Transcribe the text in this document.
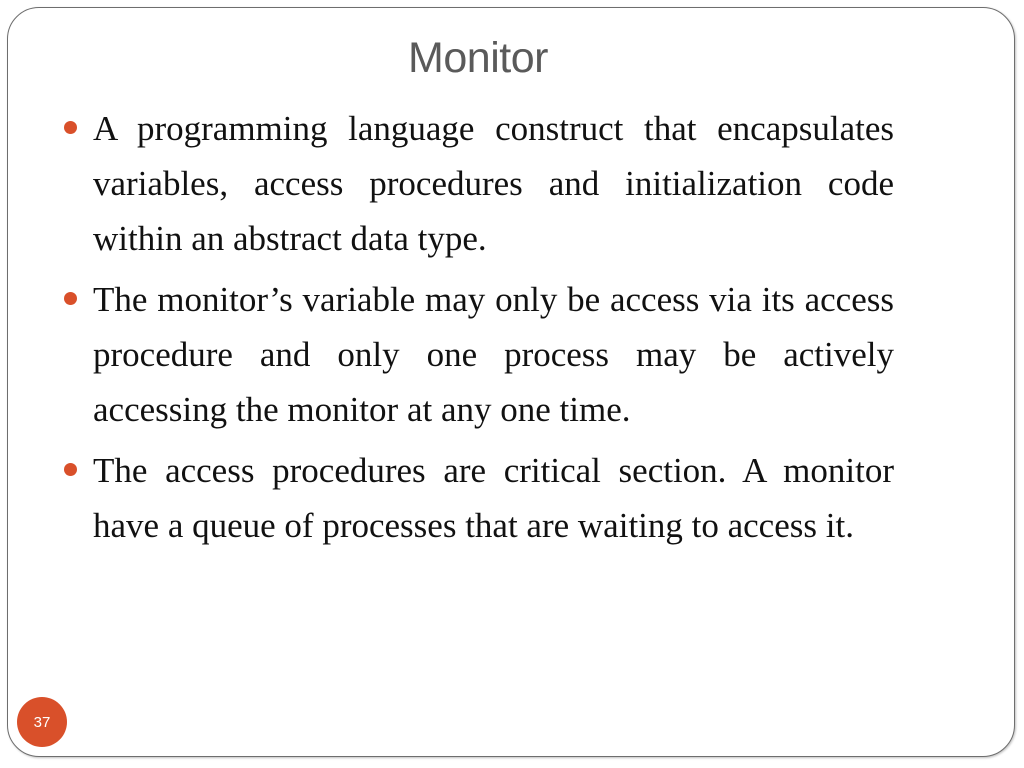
Monitor
A programming language construct that encapsulates variables, access procedures and initialization code within an abstract data type.
The monitor’s variable may only be access via its access procedure and only one process may be actively accessing the monitor at any one time.
The access procedures are critical section. A monitor have a queue of processes that are waiting to access it.
37
